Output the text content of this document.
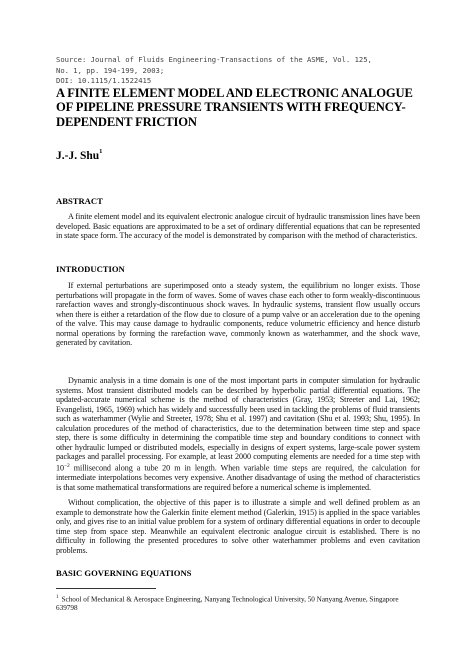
Source: Journal of Fluids Engineering-Transactions of the ASME, Vol. 125,
No. 1, pp. 194-199, 2003;
DOI: 10.1115/1.1522415
A FINITE ELEMENT MODEL AND ELECTRONIC ANALOGUE OF PIPELINE PRESSURE TRANSIENTS WITH FREQUENCY-DEPENDENT FRICTION
J.-J. Shu$^1$
ABSTRACT
A finite element model and its equivalent electronic analogue circuit of hydraulic transmission lines have been developed. Basic equations are approximated to be a set of ordinary differential equations that can be represented in state space form. The accuracy of the model is demonstrated by comparison with the method of characteristics.
INTRODUCTION
If external perturbations are superimposed onto a steady system, the equilibrium no longer exists. Those perturbations will propagate in the form of waves. Some of waves chase each other to form weakly-discontinuous rarefaction waves and strongly-discontinuous shock waves. In hydraulic systems, transient flow usually occurs when there is either a retardation of the flow due to closure of a pump valve or an acceleration due to the opening of the valve. This may cause damage to hydraulic components, reduce volumetric efficiency and hence disturb normal operations by forming the rarefaction wave, commonly known as waterhammer, and the shock wave, generated by cavitation.
Dynamic analysis in a time domain is one of the most important parts in computer simulation for hydraulic systems. Most transient distributed models can be described by hyperbolic partial differential equations. The updated-accurate numerical scheme is the method of characteristics (Gray, 1953; Streeter and Lai, 1962; Evangelisti, 1965, 1969) which has widely and successfully been used in tackling the problems of fluid transients such as waterhammer (Wylie and Streeter, 1978; Shu et al. 1997) and cavitation (Shu et al. 1993; Shu, 1995). In calculation procedures of the method of characteristics, due to the determination between time step and space step, there is some difficulty in determining the compatible time step and boundary conditions to connect with other hydraulic lumped or distributed models, especially in designs of expert systems, large-scale power system packages and parallel processing. For example, at least 2000 computing elements are needed for a time step with $10^{-2}$ millisecond along a tube 20 m in length. When variable time steps are required, the calculation for intermediate interpolations becomes very expensive. Another disadvantage of using the method of characteristics is that some mathematical transformations are required before a numerical scheme is implemented.
Without complication, the objective of this paper is to illustrate a simple and well defined problem as an example to demonstrate how the Galerkin finite element method (Galerkin, 1915) is applied in the space variables only, and gives rise to an initial value problem for a system of ordinary differential equations in order to decouple time step from space step. Meanwhile an equivalent electronic analogue circuit is established. There is no difficulty in following the presented procedures to solve other waterhammer problems and even cavitation problems.
BASIC GOVERNING EQUATIONS
$^1$ School of Mechanical & Aerospace Engineering, Nanyang Technological University, 50 Nanyang Avenue, Singapore 639798
